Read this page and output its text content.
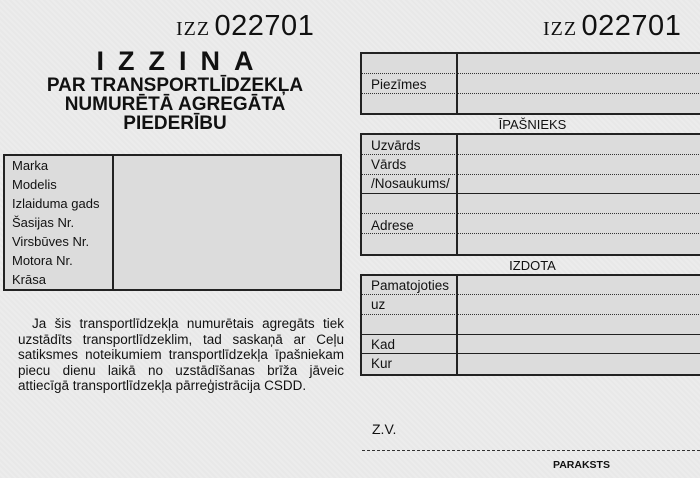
IZZ 022701
IZZINA
PAR TRANSPORTLĪDZEKĻA
NUMURĒTĀ AGREGĀTA
PIEDERĪBU
Marka	
Modelis	
Izlaiduma gads	
Šasijas Nr.	
Virsbūves Nr.	
Motora Nr.	
Krāsa	
Ja šis transportlīdzekļa numurētais agregāts tiek uzstādīts transportlīdzeklim, tad saskaņā ar Ceļu satiksmes noteikumiem transportlīdzekļa īpašniekam piecu dienu laikā no uzstādīšanas brīža jāveic attiecīgā transportlīdzekļa pārreģistrācija CSDD.
IZZ 022701
Piezīmes
ĪPAŠNIEKS
Uzvārds
Vārds
/Nosaukums/
Adrese
IZDOTA
Pamatojoties
uz
Kad
Kur
Z.V.
PARAKSTS
